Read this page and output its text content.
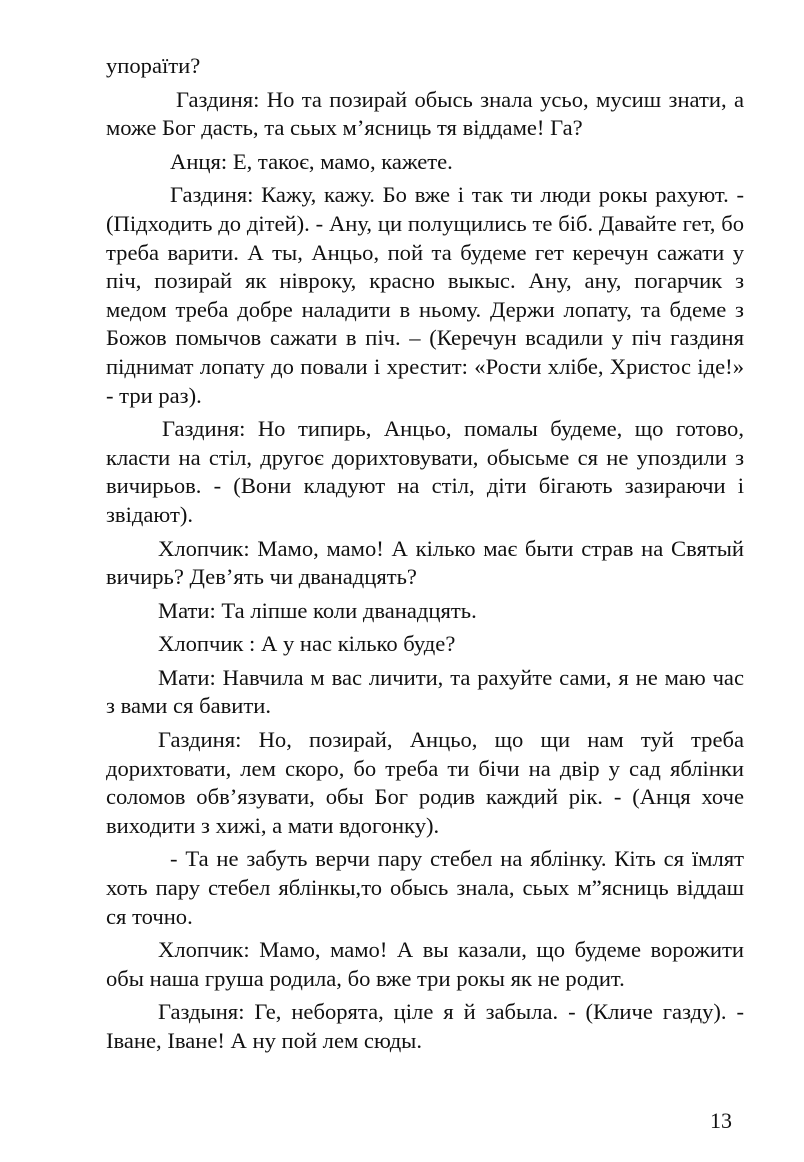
упораїти?

Газдиня: Но та позирай обысь знала усьо, мусиш знати, а може Бог дасть, та сьых м’ясниць тя віддаме! Га?

Анця: Е, такоє, мамо, кажете.

Газдиня: Кажу, кажу. Бо вже і так ти люди рокы рахуют. - (Підходить до дітей). - Ану, ци полущились те біб. Давайте гет, бо треба варити. А ты, Анцьо, пой та будеме гет керечун сажати у піч, позирай як нівроку, красно выкыс. Ану, ану, погарчик з медом треба добре наладити в ньому. Держи лопату, та бдеме з Божов помычов сажати в піч. – (Керечун всадили у піч газдиня піднимат лопату до повали і хрестит: «Рости хлібе, Христос іде!» - три раз).

Газдиня: Но типирь, Анцьо, помалы будеме, що готово, класти на стіл, другоє дорихтовувати, обысьме ся не упоздили з вичирьов. - (Вони кладуют на стіл, діти бігають зазираючи і звідают).

Хлопчик: Мамо, мамо! А кілько має быти страв на Святый вичирь? Дев’ять чи дванадцять?

Мати: Та ліпше коли дванадцять.

Хлопчик : А у нас кілько буде?

Мати: Навчила м вас личити, та рахуйте сами, я не маю час з вами ся бавити.

Газдиня: Но, позирай, Анцьо, що щи нам туй треба дорихтовати, лем скоро, бо треба ти бічи на двір у сад яблінки соломов обв’язувати, обы Бог родив каждий рік. - (Анця хоче виходити з хижі, а мати вдогонку).

- Та не забуть верчи пару стебел на яблінку. Кіть ся їмлят хоть пару стебел яблінкы,то обысь знала, сьых м”ясниць віддаш ся точно.

Хлопчик: Мамо, мамо! А вы казали, що будеме ворожити обы наша груша родила, бо вже три рокы як не родит.

Газдыня: Ге, неборята, ціле я й забыла. - (Кличе газду). - Іване, Іване! А ну пой лем сюды.

13
